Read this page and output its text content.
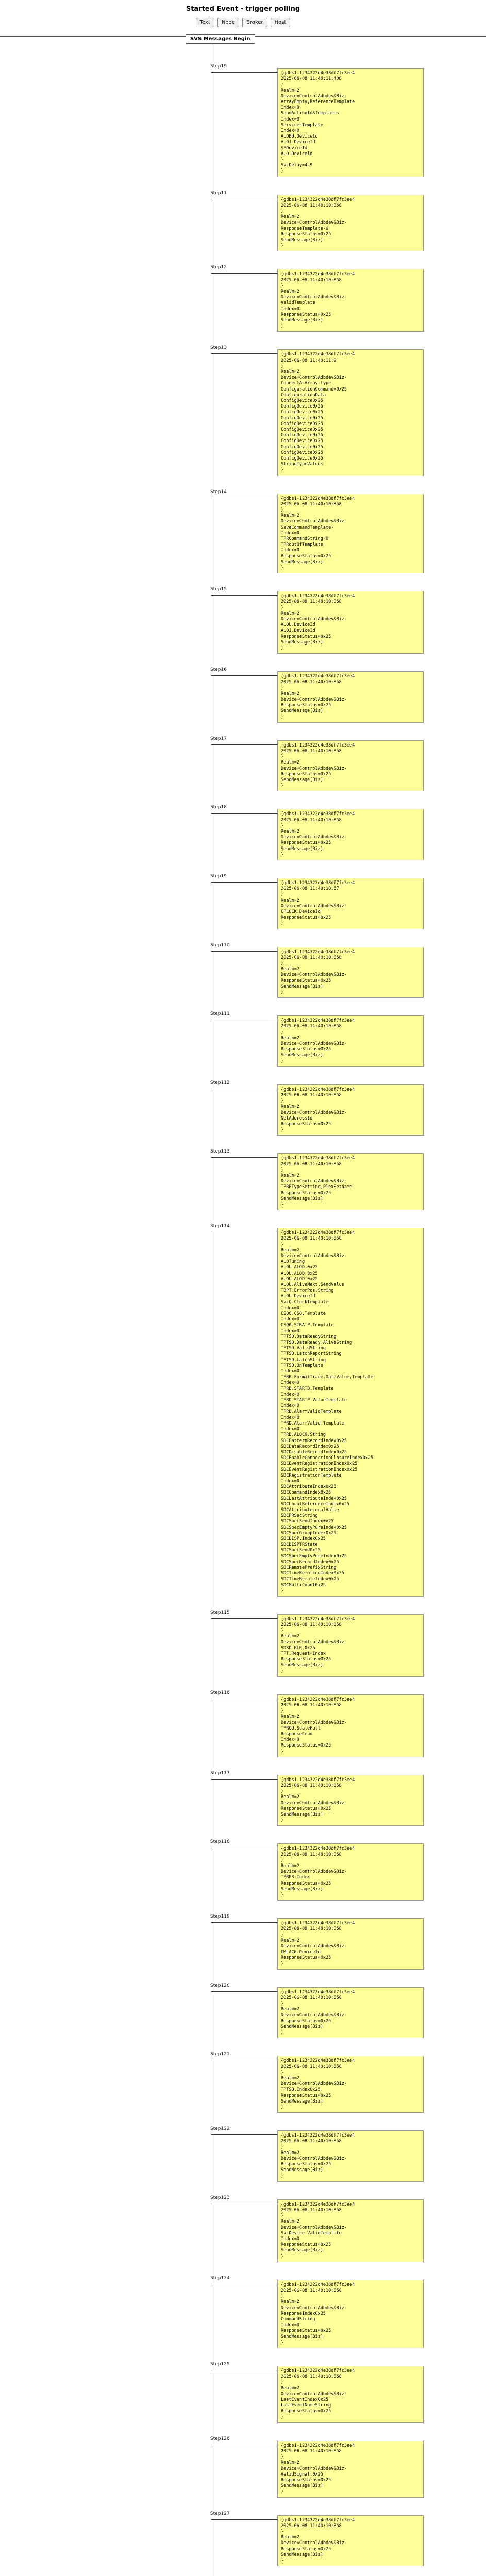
Started Event - trigger polling
Text	Node	Broker	Host
SVS Messages Begin
Step19
{gdbs1-1234322d4e38df7fc3ee4
2025-06-08 11:40:11:408
}
Realm=2
Device=ControlAdbdev&Biz-
ArrayEmpty,ReferenceTemplate
Index=0
SendActionId&Templates
Index=0
ServicesTemplate
Index=0
ALOBU.DeviceId
ALOJ.DeviceId
SPDeviceId
ALO.DeviceId
}
SvcDelay=4-9
}
Step11
{gdbs1-1234322d4e38df7fc3ee4
2025-06-08 11:40:10:858
}
Realm=2
Device=ControlAdbdev&Biz-
ResponseTemplate-0
ResponseStatus=0x25
SendMessage(Biz)
}
Step12
{gdbs1-1234322d4e38df7fc3ee4
2025-06-08 11:40:10:858
}
Realm=2
Device=ControlAdbdev&Biz-
ValidTemplate
Index=0
ResponseStatus=0x25
SendMessage(Biz)
}
Step13
{gdbs1-1234322d4e38df7fc3ee4
2025-06-08 11:40:11:9
}
Realm=2
Device=ControlAdbdev&Biz-
ConnectAsArray-type
ConfigurationCommand=0x25
ConfigurationData
ConfigDevice0x25
ConfigDevice0x25
ConfigDevice0x25
ConfigDevice0x25
ConfigDevice0x25
ConfigDevice0x25
ConfigDevice0x25
ConfigDevice0x25
ConfigDevice0x25
ConfigDevice0x25
ConfigDevice0x25
StringTypeValues
}
Step14
{gdbs1-1234322d4e38df7fc3ee4
2025-06-08 11:40:10:858
}
Realm=2
Device=ControlAdbdev&Biz-
SaveCommandTemplate-
Index=0
TPRCommandString=0
TPRoutOfTemplate
Index=0
ResponseStatus=0x25
SendMessage(Biz)
}
Step15
{gdbs1-1234322d4e38df7fc3ee4
2025-06-08 11:40:10:858
}
Realm=2
Device=ControlAdbdev&Biz-
ALOU.DeviceId
ALOJ.DeviceId
ResponseStatus=0x25
SendMessage(Biz)
}
Step16
{gdbs1-1234322d4e38df7fc3ee4
2025-06-08 11:40:10:858
}
Realm=2
Device=ControlAdbdev&Biz-
ResponseStatus=0x25
SendMessage(Biz)
}
Step17
{gdbs1-1234322d4e38df7fc3ee4
2025-06-08 11:40:10:858
}
Realm=2
Device=ControlAdbdev&Biz-
ResponseStatus=0x25
SendMessage(Biz)
}
Step18
{gdbs1-1234322d4e38df7fc3ee4
2025-06-08 11:40:10:858
}
Realm=2
Device=ControlAdbdev&Biz-
ResponseStatus=0x25
SendMessage(Biz)
}
Step19
{gdbs1-1234322d4e38df7fc3ee4
2025-06-08 11:40:10:57
}
Realm=2
Device=ControlAdbdev&Biz-
CPLOCK.DeviceId
ResponseStatus=0x25
}
Step110
{gdbs1-1234322d4e38df7fc3ee4
2025-06-08 11:40:10:858
}
Realm=2
Device=ControlAdbdev&Biz-
ResponseStatus=0x25
SendMessage(Biz)
}
Step111
{gdbs1-1234322d4e38df7fc3ee4
2025-06-08 11:40:10:858
}
Realm=2
Device=ControlAdbdev&Biz-
ResponseStatus=0x25
SendMessage(Biz)
}
Step112
{gdbs1-1234322d4e38df7fc3ee4
2025-06-08 11:40:10:858
}
Realm=2
Device=ControlAdbdev&Biz-
NetAddressId
ResponseStatus=0x25
}
Step113
{gdbs1-1234322d4e38df7fc3ee4
2025-06-08 11:40:10:858
}
Realm=2
Device=ControlAdbdev&Biz-
TPRPTypeSetting,PlexSetName
ResponseStatus=0x25
SendMessage(Biz)
}
Step114
{gdbs1-1234322d4e38df7fc3ee4
2025-06-08 11:40:10:858
}
Realm=2
Device=ControlAdbdev&Biz-
ALOTuning
ALOU.ALOD.0x25
ALOU.ALOD.0x25
ALOU.ALOD.0x25
ALOU.AliveNext.SendValue
TBPT.ErrorPos.String
ALOU.DeviceId
SvcQ.ClockTemplate
Index=0
CSQ0.CSQ.Template
Index=0
CSQ0.STRATP.Template
Index=0
TPTSD.DataReadyString
TPTSD.DataReady.AliveString
TPTSD.ValidString
TPTSD.LatchReportString
TPTSD.LatchString
TPTSD.OnTemplate
Index=0
TPRR.FormatTrace.DataValue,Template
Index=0
TPRD.STARTB.Template
Index=0
TPRD.STARTP.ValueTemplate
Index=0
TPRD.AlarmValidTemplate
Index=0
TPRD.AlarmValid.Template
Index=0
TPRD.ALOCK.String
SDCPatternRecordIndex0x25
SDCDataRecordIndex0x25
SDCDisableRecordIndex0x25
SDCEnableConnectionClosureIndex0x25
SDCEventRegistrationIndex0x25
SDCEventRegistrationIndex0x25
SDCRegistrationTemplate
Index=0
SDCAttributeIndex0x25
SDCCommandIndex0x25
SDCLastAttributeIndex0x25
SDCLocalReferenceIndex0x25
SDCAttributeLocalValue
SDCPRSecString
SDCSpecSendIndex0x25
SDCSpecEmptyPureIndex0x25
SDCSpecGroupIndex0x25
SDCDISP.Index0x25
SDCDISPTRState
SDCSpecSend0x25
SDCSpecEmptyPureIndex0x25
SDCSpecRecordIndex0x25
SDCRemotePrefixString
SDCTimeRemotingIndex0x25
SDCTimeRemoteIndex0x25
SDCMultiCount0x25
}
Step115
{gdbs1-1234322d4e38df7fc3ee4
2025-06-08 11:40:10:858
}
Realm=2
Device=ControlAdbdev&Biz-
SDSD.BLR.0x25
TPT.Request=Index
ResponseStatus=0x25
SendMessage(Biz)
}
Step116
{gdbs1-1234322d4e38df7fc3ee4
2025-06-08 11:40:10:858
}
Realm=2
Device=ControlAdbdev&Biz-
TPRCU.ScaleFull
ResponseCrud
Index=0
ResponseStatus=0x25
}
Step117
{gdbs1-1234322d4e38df7fc3ee4
2025-06-08 11:40:10:858
}
Realm=2
Device=ControlAdbdev&Biz-
ResponseStatus=0x25
SendMessage(Biz)
}
Step118
{gdbs1-1234322d4e38df7fc3ee4
2025-06-08 11:40:10:858
}
Realm=2
Device=ControlAdbdev&Biz-
TPRES.Index
ResponseStatus=0x25
SendMessage(Biz)
}
Step119
{gdbs1-1234322d4e38df7fc3ee4
2025-06-08 11:40:10:858
}
Realm=2
Device=ControlAdbdev&Biz-
CMLACK.DeviceId
ResponseStatus=0x25
}
Step120
{gdbs1-1234322d4e38df7fc3ee4
2025-06-08 11:40:10:858
}
Realm=2
Device=ControlAdbdev&Biz-
ResponseStatus=0x25
SendMessage(Biz)
}
Step121
{gdbs1-1234322d4e38df7fc3ee4
2025-06-08 11:40:10:858
}
Realm=2
Device=ControlAdbdev&Biz-
TPTSD.Index0x25
ResponseStatus=0x25
SendMessage(Biz)
}
Step122
{gdbs1-1234322d4e38df7fc3ee4
2025-06-08 11:40:10:858
}
Realm=2
Device=ControlAdbdev&Biz-
ResponseStatus=0x25
SendMessage(Biz)
}
Step123
{gdbs1-1234322d4e38df7fc3ee4
2025-06-08 11:40:10:858
}
Realm=2
Device=ControlAdbdev&Biz-
SvcDevice.ValidTemplate
Index=0
ResponseStatus=0x25
SendMessage(Biz)
}
Step124
{gdbs1-1234322d4e38df7fc3ee4
2025-06-08 11:40:10:858
}
Realm=2
Device=ControlAdbdev&Biz-
ResponseIndex0x25
CommandString
Index=0
ResponseStatus=0x25
SendMessage(Biz)
}
Step125
{gdbs1-1234322d4e38df7fc3ee4
2025-06-08 11:40:10:858
}
Realm=2
Device=ControlAdbdev&Biz-
LastEventIndex0x25
LastEventNameString
ResponseStatus=0x25
}
Step126
{gdbs1-1234322d4e38df7fc3ee4
2025-06-08 11:40:10:858
}
Realm=2
Device=ControlAdbdev&Biz-
ValidSignal.0x25
ResponseStatus=0x25
SendMessage(Biz)
}
Step127
{gdbs1-1234322d4e38df7fc3ee4
2025-06-08 11:40:10:858
}
Realm=2
Device=ControlAdbdev&Biz-
ResponseStatus=0x25
SendMessage(Biz)
}
